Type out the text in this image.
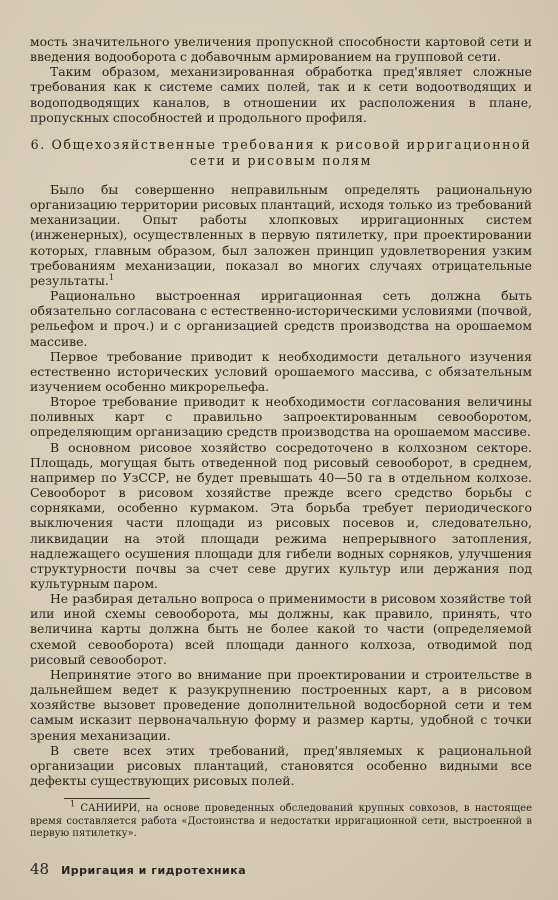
мость значительного увеличения пропускной способности картовой сети и введения водооборота с добавочным армированием на групповой сети.

Таким образом, механизированная обработка пред'являет сложные требования как к системе самих полей, так и к сети водоотводящих и водоподводящих каналов, в отношении их расположения в плане, пропускных способностей и продольного профиля.

6. Общехозяйственные требования к рисовой ирригационной сети и рисовым полям

Было бы совершенно неправильным определять рациональную организацию территории рисовых плантаций, исходя только из требований механизации. Опыт работы хлопковых ирригационных систем (инженерных), осуществленных в первую пятилетку, при проектировании которых, главным образом, был заложен принцип удовлетворения узким требованиям механизации, показал во многих случаях отрицательные результаты.$^1$

Рационально выстроенная ирригационная сеть должна быть обязательно согласована с естественно-историческими условиями (почвой, рельефом и проч.) и с организацией средств производства на орошаемом массиве.

Первое требование приводит к необходимости детального изучения естественно исторических условий орошаемого массива, с обязательным изучением особенно микрорельефа.

Второе требование приводит к необходимости согласования величины поливных карт с правильно запроектированным севооборотом, определяющим организацию средств производства на орошаемом массиве.

В основном рисовое хозяйство сосредоточено в колхозном секторе. Площадь, могущая быть отведенной под рисовый севооборот, в среднем, например по УзССР, не будет превышать 40—50 га в отдельном колхозе. Севооборот в рисовом хозяйстве прежде всего средство борьбы с сорняками, особенно курмаком. Эта борьба требует периодического выключения части площади из рисовых посевов и, следовательно, ликвидации на этой площади режима непрерывного затопления, надлежащего осушения площади для гибели водных сорняков, улучшения структурности почвы за счет севе других культур или держания под культурным паром.

Не разбирая детально вопроса о применимости в рисовом хозяйстве той или иной схемы севооборота, мы должны, как правило, принять, что величина карты должна быть не более какой то части (определяемой схемой севооборота) всей площади данного колхоза, отводимой под рисовый севооборот.

Непринятие этого во внимание при проектировании и строительстве в дальнейшем ведет к разукрупнению построенных карт, а в рисовом хозяйстве вызовет проведение дополнительной водосборной сети и тем самым исказит первоначальную форму и размер карты, удобной с точки зрения механизации.

В свете всех этих требований, пред'являемых к рациональной организации рисовых плантаций, становятся особенно видными все дефекты существующих рисовых полей.

$^1$ САНИИРИ, на основе проведенных обследований крупных совхозов, в настоящее время составляется работа «Достоинства и недостатки ирригационной сети, выстроенной в первую пятилетку».

48 Ирригация и гидротехника
